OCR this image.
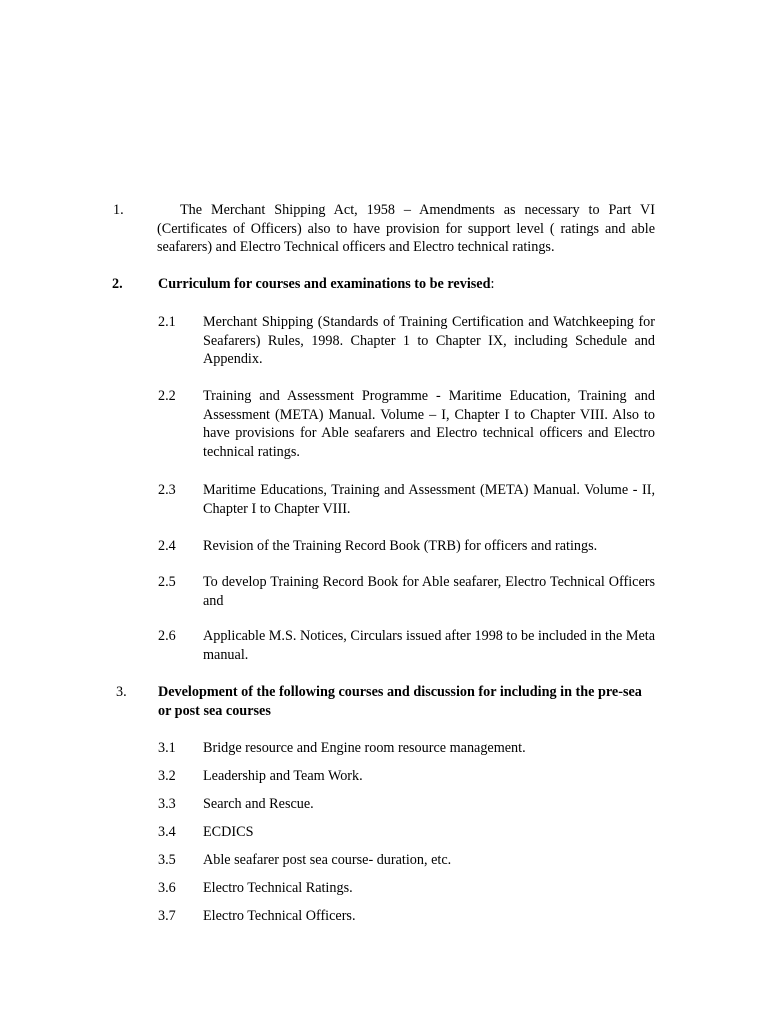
1.	The Merchant Shipping Act, 1958 – Amendments as necessary to Part VI (Certificates of Officers) also to have provision for support level ( ratings and able seafarers) and Electro Technical officers and Electro technical ratings.
2. Curriculum for courses and examinations to be revised:
2.1	Merchant Shipping (Standards of Training Certification and Watchkeeping for Seafarers) Rules, 1998. Chapter 1 to Chapter IX, including Schedule and Appendix.
2.2	Training and Assessment Programme - Maritime Education, Training and Assessment (META) Manual. Volume – I, Chapter I to Chapter VIII. Also to have provisions for Able seafarers and Electro technical officers and Electro technical ratings.
2.3	Maritime Educations, Training and Assessment (META) Manual. Volume - II, Chapter I to Chapter VIII.
2.4	Revision of the Training Record Book (TRB) for officers and ratings.
2.5	To develop Training Record Book for Able seafarer, Electro Technical Officers and
2.6	Applicable M.S. Notices, Circulars issued after 1998 to be included in the Meta manual.
3. Development of the following courses and discussion for including in the pre-sea or post sea courses
3.1	Bridge resource and Engine room resource management.
3.2	Leadership and Team Work.
3.3	Search and Rescue.
3.4	ECDICS
3.5	Able seafarer post sea course- duration, etc.
3.6	Electro Technical Ratings.
3.7	Electro Technical Officers.
